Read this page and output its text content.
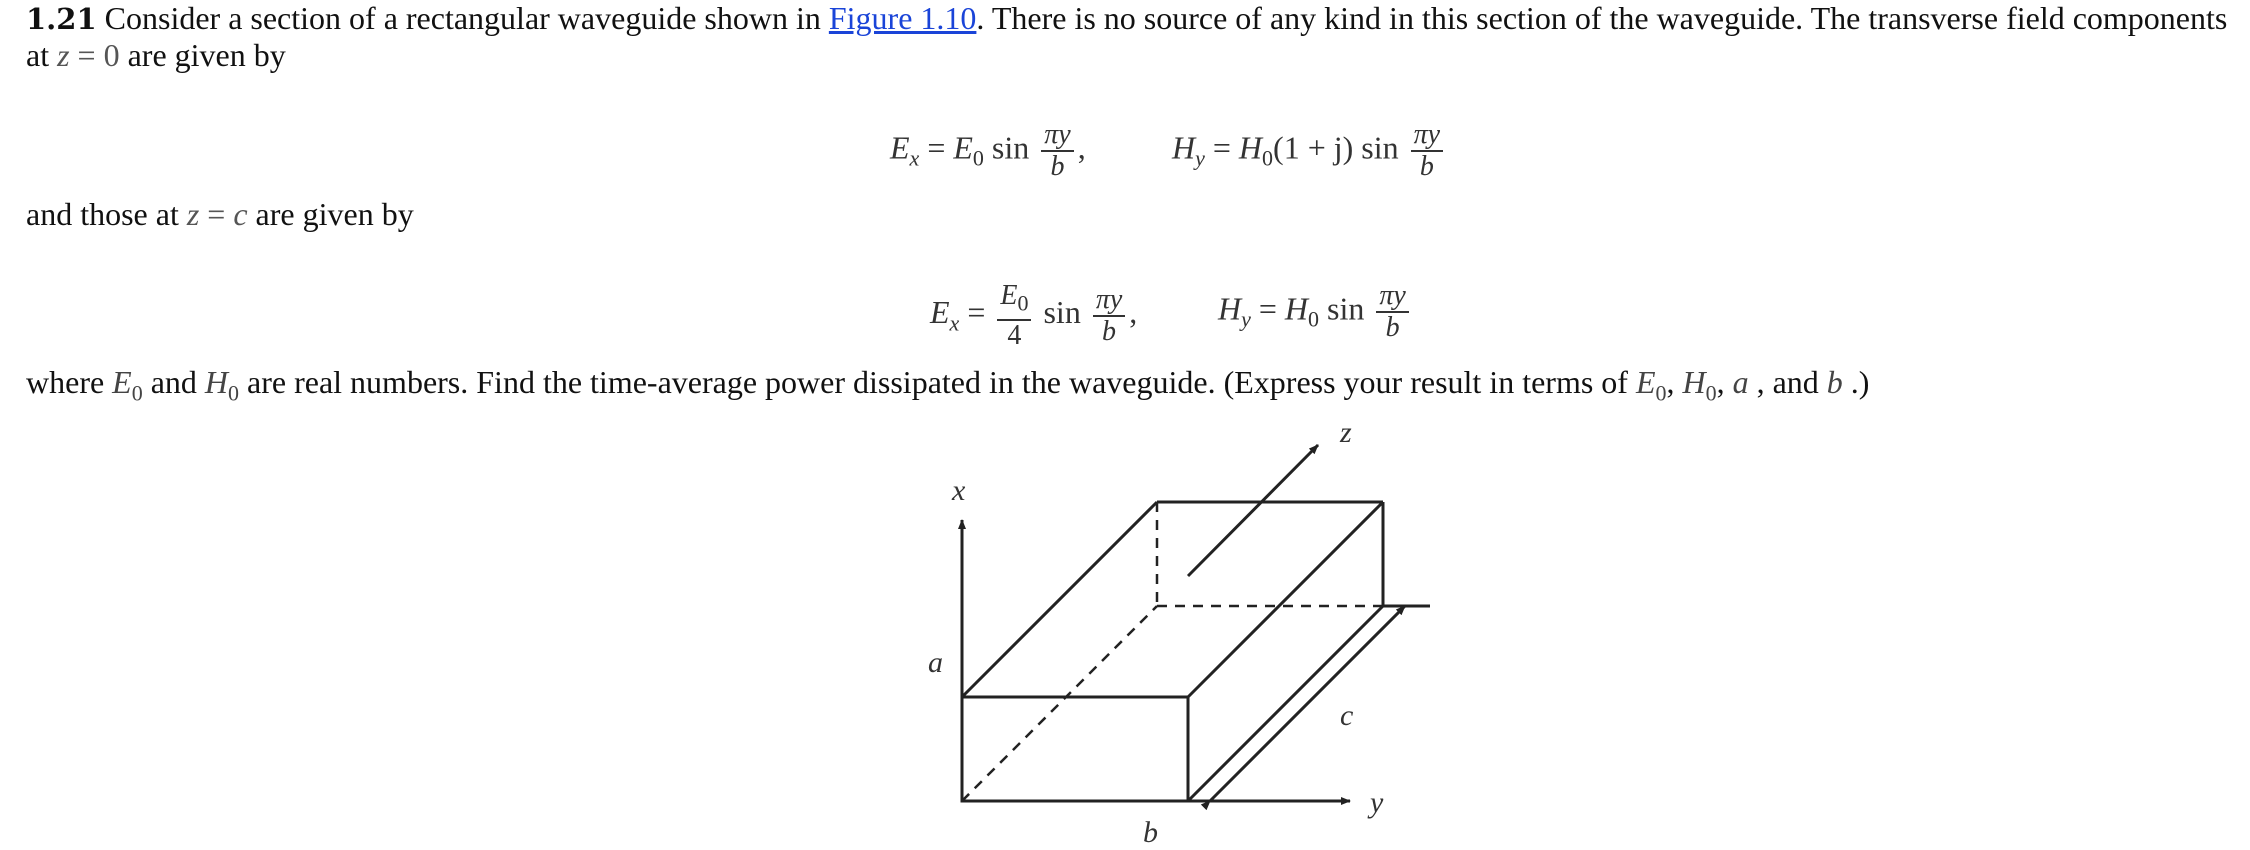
1.21 Consider a section of a rectangular waveguide shown in Figure 1.10. There is no source of any kind in this section of the waveguide. The transverse field components at z = 0 are given by
$E_x = E_0$ $\sin \frac{\pi y}{b}$ ,	$H_y = H_0(1 + j)$ $\sin \frac{\pi y}{b}$
and those at z = c are given by
$E_x = \frac{E_0}{4}$ $\sin \frac{\pi y}{b}$ ,	$H_y = H_0$ $\sin \frac{\pi y}{b}$
where $E_0$ and $H_0$ are real numbers. Find the time-average power dissipated in the waveguide. (Express your result in terms of $E_0$, $H_0$, a , and b .)
x
y
z
a
b
c
